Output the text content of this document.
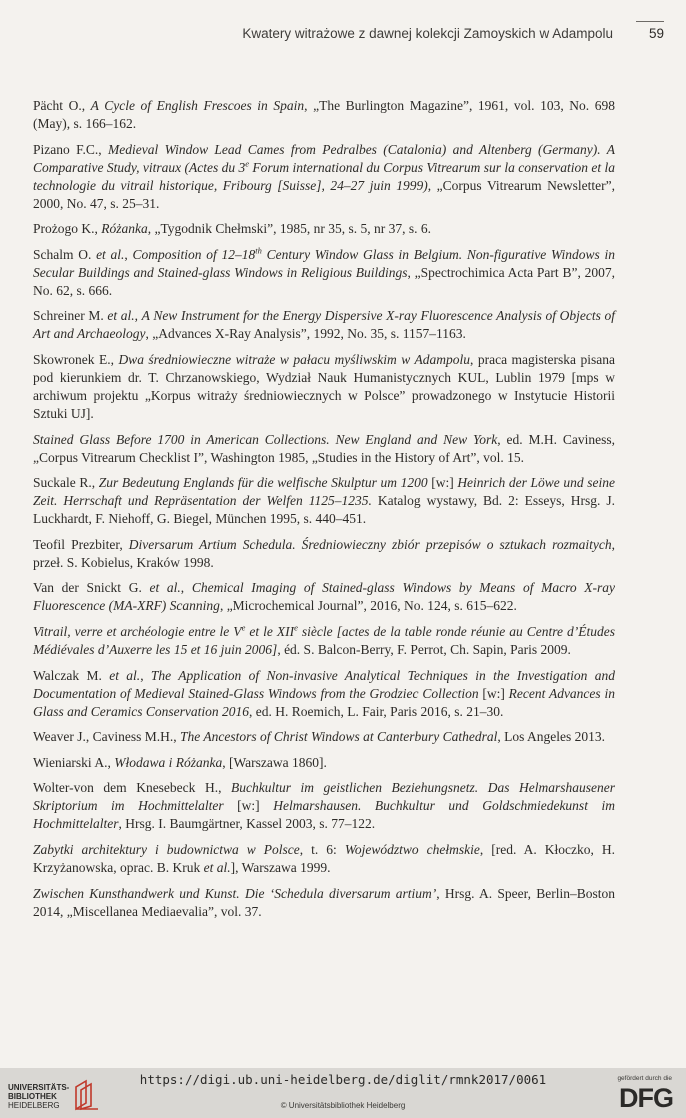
Kwatery witrażowe z dawnej kolekcji Zamoyskich w Adampolu	59

Pächt O., A Cycle of English Frescoes in Spain, „The Burlington Magazine”, 1961, vol. 103, No. 698 (May), s. 166–162.

Pizano F.C., Medieval Window Lead Cames from Pedralbes (Catalonia) and Altenberg (Germany). A Comparative Study, vitraux (Actes du 3e Forum international du Corpus Vitrearum sur la conservation et la technologie du vitrail historique, Fribourg [Suisse], 24–27 juin 1999), „Corpus Vitrearum Newsletter”, 2000, No. 47, s. 25–31.

Prożogo K., Różanka, „Tygodnik Chełmski”, 1985, nr 35, s. 5, nr 37, s. 6.

Schalm O. et al., Composition of 12–18th Century Window Glass in Belgium. Non-figurative Windows in Secular Buildings and Stained-glass Windows in Religious Buildings, „Spectrochimica Acta Part B”, 2007, No. 62, s. 666.

Schreiner M. et al., A New Instrument for the Energy Dispersive X-ray Fluorescence Analysis of Objects of Art and Archaeology, „Advances X-Ray Analysis”, 1992, No. 35, s. 1157–1163.

Skowronek E., Dwa średniowieczne witraże w pałacu myśliwskim w Adampolu, praca magisterska pisana pod kierunkiem dr. T. Chrzanowskiego, Wydział Nauk Humanistycznych KUL, Lublin 1979 [mps w archiwum projektu „Korpus witraży średniowiecznych w Polsce” prowadzonego w Instytucie Historii Sztuki UJ].

Stained Glass Before 1700 in American Collections. New England and New York, ed. M.H. Caviness, „Corpus Vitrearum Checklist I”, Washington 1985, „Studies in the History of Art”, vol. 15.

Suckale R., Zur Bedeutung Englands für die welfische Skulptur um 1200 [w:] Heinrich der Löwe und seine Zeit. Herrschaft und Repräsentation der Welfen 1125–1235. Katalog wystawy, Bd. 2: Esseys, Hrsg. J. Luckhardt, F. Niehoff, G. Biegel, München 1995, s. 440–451.

Teofil Prezbiter, Diversarum Artium Schedula. Średniowieczny zbiór przepisów o sztukach rozmaitych, przeł. S. Kobielus, Kraków 1998.

Van der Snickt G. et al., Chemical Imaging of Stained-glass Windows by Means of Macro X-ray Fluorescence (MA-XRF) Scanning, „Microchemical Journal”, 2016, No. 124, s. 615–622.

Vitrail, verre et archéologie entre le Ve et le XIIe siècle [actes de la table ronde réunie au Centre d’Études Médiévales d’Auxerre les 15 et 16 juin 2006], éd. S. Balcon-Berry, F. Perrot, Ch. Sapin, Paris 2009.

Walczak M. et al., The Application of Non-invasive Analytical Techniques in the Investigation and Documentation of Medieval Stained-Glass Windows from the Grodziec Collection [w:] Recent Advances in Glass and Ceramics Conservation 2016, ed. H. Roemich, L. Fair, Paris 2016, s. 21–30.

Weaver J., Caviness M.H., The Ancestors of Christ Windows at Canterbury Cathedral, Los Angeles 2013.

Wieniarski A., Włodawa i Różanka, [Warszawa 1860].

Wolter-von dem Knesebeck H., Buchkultur im geistlichen Beziehungsnetz. Das Helmarshausener Skriptorium im Hochmittelalter [w:] Helmarshausen. Buchkultur und Goldschmiedekunst im Hochmittelalter, Hrsg. I. Baumgärtner, Kassel 2003, s. 77–122.

Zabytki architektury i budownictwa w Polsce, t. 6: Województwo chełmskie, [red. A. Kłoczko, H. Krzyżanowska, oprac. B. Kruk et al.], Warszawa 1999.

Zwischen Kunsthandwerk und Kunst. Die ‘Schedula diversarum artium’, Hrsg. A. Speer, Berlin–Boston 2014, „Miscellanea Mediaevalia”, vol. 37.

UNIVERSITÄTS-
BIBLIOTHEK
HEIDELBERG
https://digi.ub.uni-heidelberg.de/diglit/rmnk2017/0061
© Universitätsbibliothek Heidelberg
gefördert durch die
DFG
